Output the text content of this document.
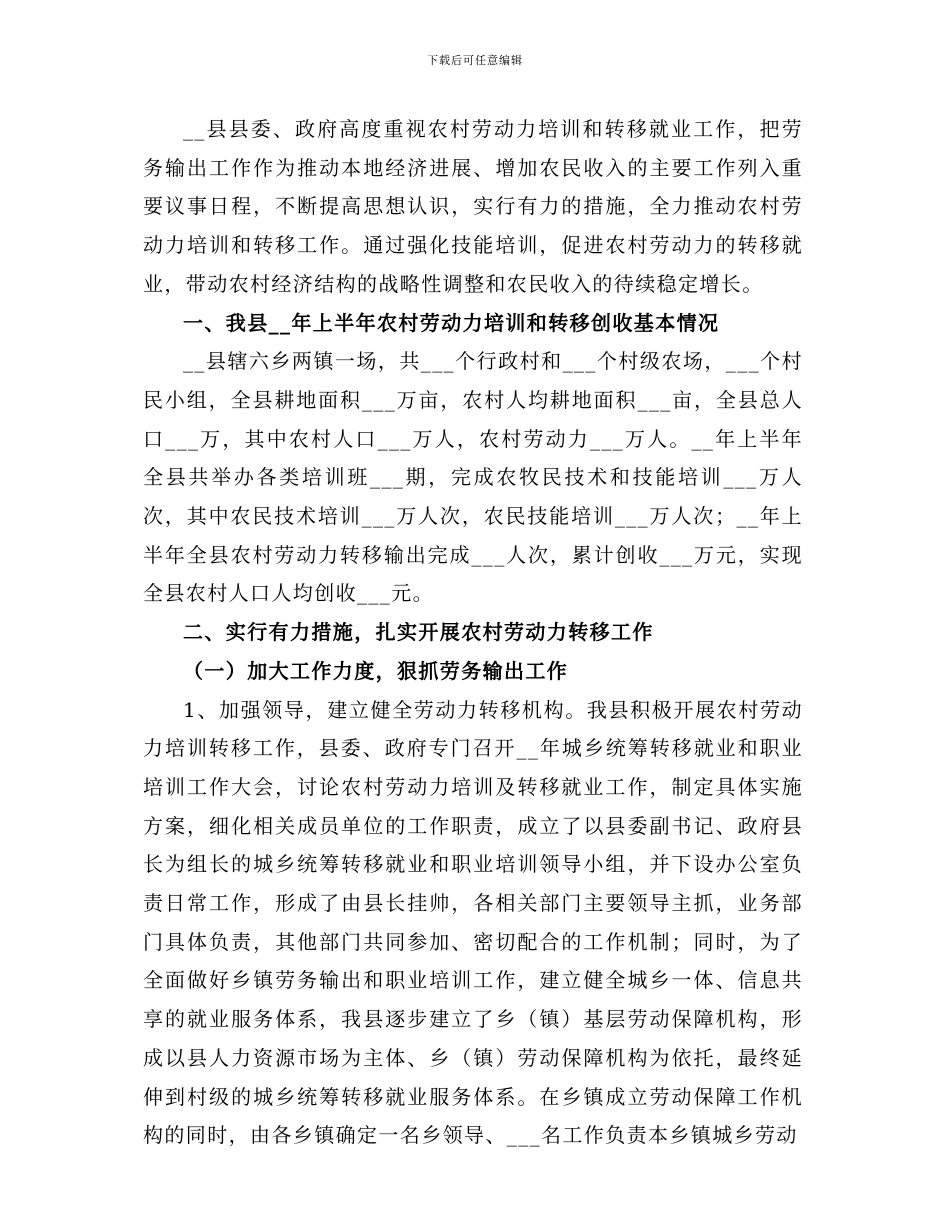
下载后可任意编辑

__县县委、政府高度重视农村劳动力培训和转移就业工作，把劳务输出工作作为推动本地经济进展、增加农民收入的主要工作列入重要议事日程，不断提高思想认识，实行有力的措施，全力推动农村劳动力培训和转移工作。通过强化技能培训，促进农村劳动力的转移就业，带动农村经济结构的战略性调整和农民收入的待续稳定增长。

一、我县__年上半年农村劳动力培训和转移创收基本情况

__县辖六乡两镇一场，共___个行政村和___个村级农场，___个村民小组，全县耕地面积___万亩，农村人均耕地面积___亩，全县总人口___万，其中农村人口___万人，农村劳动力___万人。__年上半年全县共举办各类培训班___期，完成农牧民技术和技能培训___万人次，其中农民技术培训___万人次，农民技能培训___万人次；__年上半年全县农村劳动力转移输出完成___人次，累计创收___万元，实现全县农村人口人均创收___元。

二、实行有力措施，扎实开展农村劳动力转移工作

（一）加大工作力度，狠抓劳务输出工作

1、加强领导，建立健全劳动力转移机构。我县积极开展农村劳动力培训转移工作，县委、政府专门召开__年城乡统筹转移就业和职业培训工作大会，讨论农村劳动力培训及转移就业工作，制定具体实施方案，细化相关成员单位的工作职责，成立了以县委副书记、政府县长为组长的城乡统筹转移就业和职业培训领导小组，并下设办公室负责日常工作，形成了由县长挂帅，各相关部门主要领导主抓，业务部门具体负责，其他部门共同参加、密切配合的工作机制；同时，为了全面做好乡镇劳务输出和职业培训工作，建立健全城乡一体、信息共享的就业服务体系，我县逐步建立了乡（镇）基层劳动保障机构，形成以县人力资源市场为主体、乡（镇）劳动保障机构为依托，最终延伸到村级的城乡统筹转移就业服务体系。在乡镇成立劳动保障工作机构的同时，由各乡镇确定一名乡领导、___名工作负责本乡镇城乡劳动
